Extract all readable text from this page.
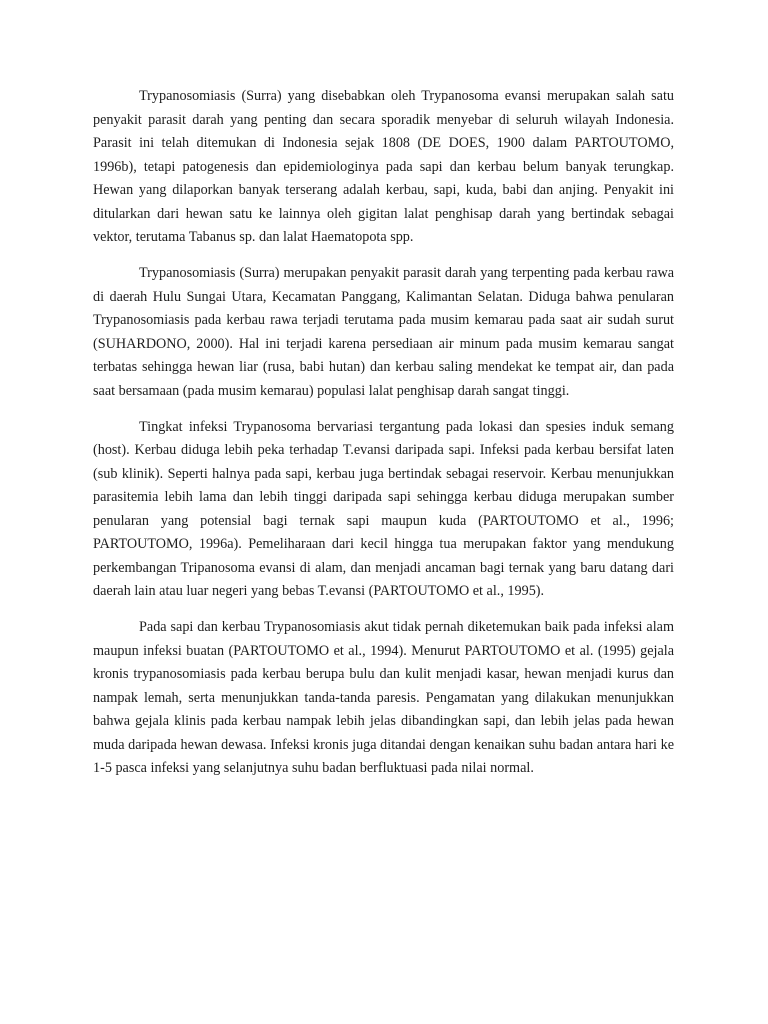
Trypanosomiasis (Surra) yang disebabkan oleh Trypanosoma evansi merupakan salah satu penyakit parasit darah yang penting dan secara sporadik menyebar di seluruh wilayah Indonesia. Parasit ini telah ditemukan di Indonesia sejak 1808 (DE DOES, 1900 dalam PARTOUTOMO, 1996b), tetapi patogenesis dan epidemiologinya pada sapi dan kerbau belum banyak terungkap. Hewan yang dilaporkan banyak terserang adalah kerbau, sapi, kuda, babi dan anjing. Penyakit ini ditularkan dari hewan satu ke lainnya oleh gigitan lalat penghisap darah yang bertindak sebagai vektor, terutama Tabanus sp. dan lalat Haematopota spp.

Trypanosomiasis (Surra) merupakan penyakit parasit darah yang terpenting pada kerbau rawa di daerah Hulu Sungai Utara, Kecamatan Panggang, Kalimantan Selatan. Diduga bahwa penularan Trypanosomiasis pada kerbau rawa terjadi terutama pada musim kemarau pada saat air sudah surut (SUHARDONO, 2000). Hal ini terjadi karena persediaan air minum pada musim kemarau sangat terbatas sehingga hewan liar (rusa, babi hutan) dan kerbau saling mendekat ke tempat air, dan pada saat bersamaan (pada musim kemarau) populasi lalat penghisap darah sangat tinggi.

Tingkat infeksi Trypanosoma bervariasi tergantung pada lokasi dan spesies induk semang (host). Kerbau diduga lebih peka terhadap T.evansi daripada sapi. Infeksi pada kerbau bersifat laten (sub klinik). Seperti halnya pada sapi, kerbau juga bertindak sebagai reservoir. Kerbau menunjukkan parasitemia lebih lama dan lebih tinggi daripada sapi sehingga kerbau diduga merupakan sumber penularan yang potensial bagi ternak sapi maupun kuda (PARTOUTOMO et al., 1996; PARTOUTOMO, 1996a). Pemeliharaan dari kecil hingga tua merupakan faktor yang mendukung perkembangan Tripanosoma evansi di alam, dan menjadi ancaman bagi ternak yang baru datang dari daerah lain atau luar negeri yang bebas T.evansi (PARTOUTOMO et al., 1995).

Pada sapi dan kerbau Trypanosomiasis akut tidak pernah diketemukan baik pada infeksi alam maupun infeksi buatan (PARTOUTOMO et al., 1994). Menurut PARTOUTOMO et al. (1995) gejala kronis trypanosomiasis pada kerbau berupa bulu dan kulit menjadi kasar, hewan menjadi kurus dan nampak lemah, serta menunjukkan tanda-tanda paresis. Pengamatan yang dilakukan menunjukkan bahwa gejala klinis pada kerbau nampak lebih jelas dibandingkan sapi, dan lebih jelas pada hewan muda daripada hewan dewasa. Infeksi kronis juga ditandai dengan kenaikan suhu badan antara hari ke 1-5 pasca infeksi yang selanjutnya suhu badan berfluktuasi pada nilai normal.
